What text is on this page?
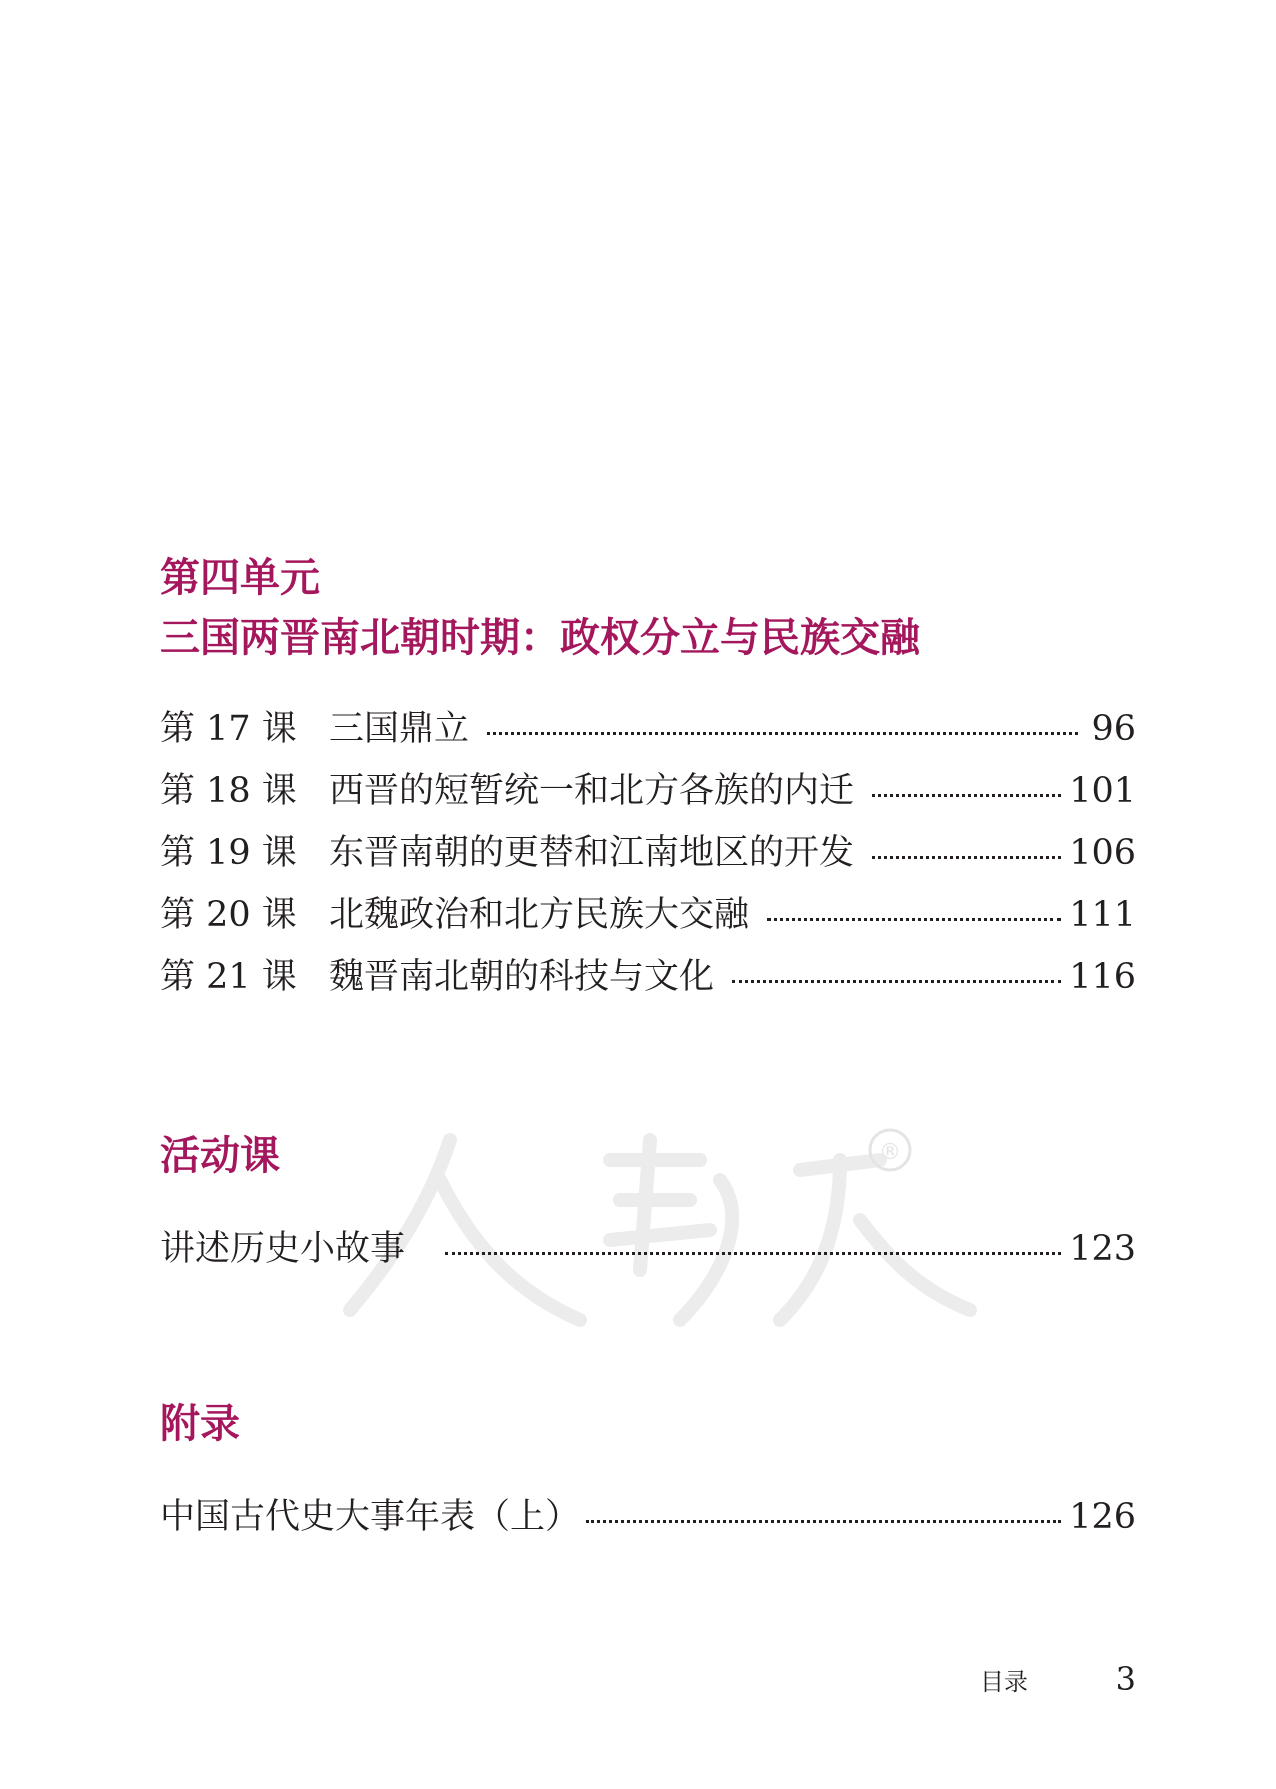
®
第四单元
三国两晋南北朝时期：政权分立与民族交融
第 17 课 三国鼎立	96
第 18 课 西晋的短暂统一和北方各族的内迁	101
第 19 课 东晋南朝的更替和江南地区的开发	106
第 20 课 北魏政治和北方民族大交融	111
第 21 课 魏晋南北朝的科技与文化	116
活动课
讲述历史小故事	123
附录
中国古代史大事年表（上）	126
目录	3
